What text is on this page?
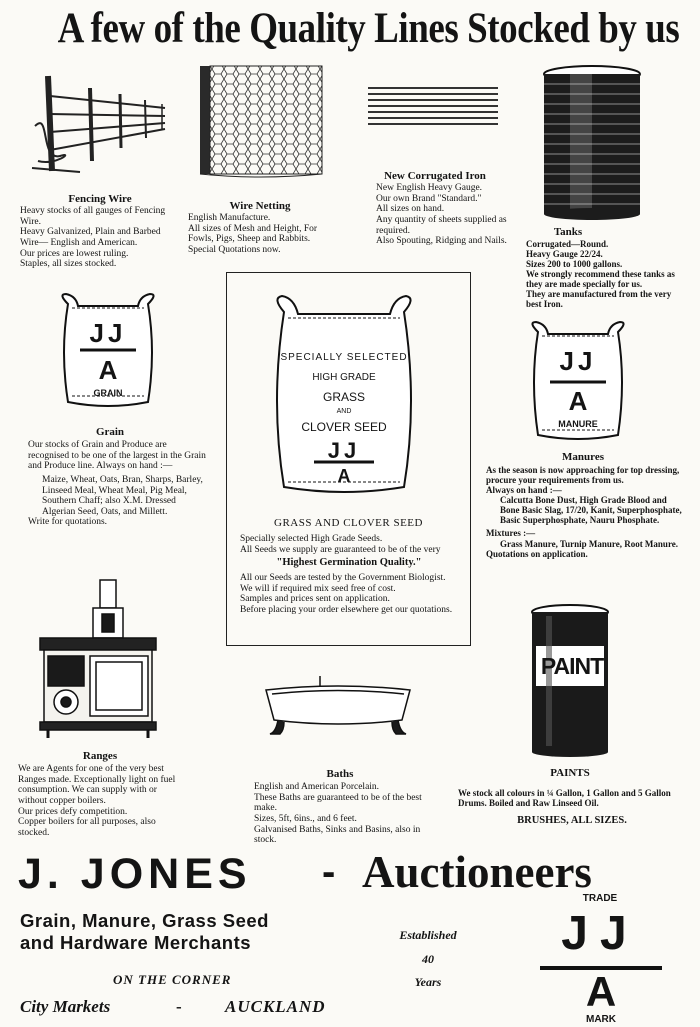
A few of the Quality Lines Stocked by us
Fencing Wire

Heavy stocks of all gauges of Fencing Wire.

Heavy Galvanized, Plain and Barbed Wire— English and American.

Our prices are lowest ruling.

Staples, all sizes stocked.

Wire Netting

English Manufacture.

All sizes of Mesh and Height, For Fowls, Pigs, Sheep and Rabbits.

Special Quotations now.

New Corrugated Iron

New English Heavy Gauge.

Our own Brand "Standard."

All sizes on hand.

Any quantity of sheets supplied as required.

Also Spouting, Ridging and Nails.

Tanks

Corrugated—Round.

Heavy Gauge 22/24.

Sizes 200 to 1000 gallons.

We strongly recommend these tanks as they are made specially for us.

They are manufactured from the very best Iron.

JJ
A
GRAIN
Grain

Our stocks of Grain and Produce are recognised to be one of the largest in the Grain and Produce line. Always on hand :—

Maize, Wheat, Oats, Bran, Sharps, Barley, Linseed Meal, Wheat Meal, Pig Meal, Southern Chaff; also X.M. Dressed Algerian Seed, Oats, and Millett.

Write for quotations.

SPECIALLY SELECTED
HIGH GRADE
GRASS
AND
CLOVER SEED
JJ
A
GRASS AND CLOVER SEED

Specially selected High Grade Seeds.

All Seeds we supply are guaranteed to be of the very

"Highest Germination Quality."

All our Seeds are tested by the Government Biologist. We will if required mix seed free of cost.

Samples and prices sent on application.

Before placing your order elsewhere get our quotations.

JJ
A
MANURE
Manures

As the season is now approaching for top dressing, procure your requirements from us.

Always on hand :—

Calcutta Bone Dust, High Grade Blood and Bone Basic Slag, 17/20, Kanit, Superphosphate, Basic Superphosphate, Nauru Phosphate.

Mixtures :—

Grass Manure, Turnip Manure, Root Manure.

Quotations on application.

Ranges

We are Agents for one of the very best Ranges made. Exceptionally light on fuel consumption. We can supply with or without copper boilers.

Our prices defy competition.

Copper boilers for all purposes, also stocked.

Baths

English and American Porcelain.

These Baths are guaranteed to be of the best make.

Sizes, 5ft, 6ins., and 6 feet.

Galvanised Baths, Sinks and Basins, also in stock.

PAINT
PAINTS
We stock all colours in ¼ Gallon, 1 Gallon and 5 Gallon Drums. Boiled and Raw Linseed Oil.
BRUSHES, ALL SIZES.
J. JONES - Auctioneers
Grain, Manure, Grass Seed
and Hardware Merchants	Established
40
Years
TRADE
JJ
A
MARK
ON THE CORNER
City Markets	-	AUCKLAND
